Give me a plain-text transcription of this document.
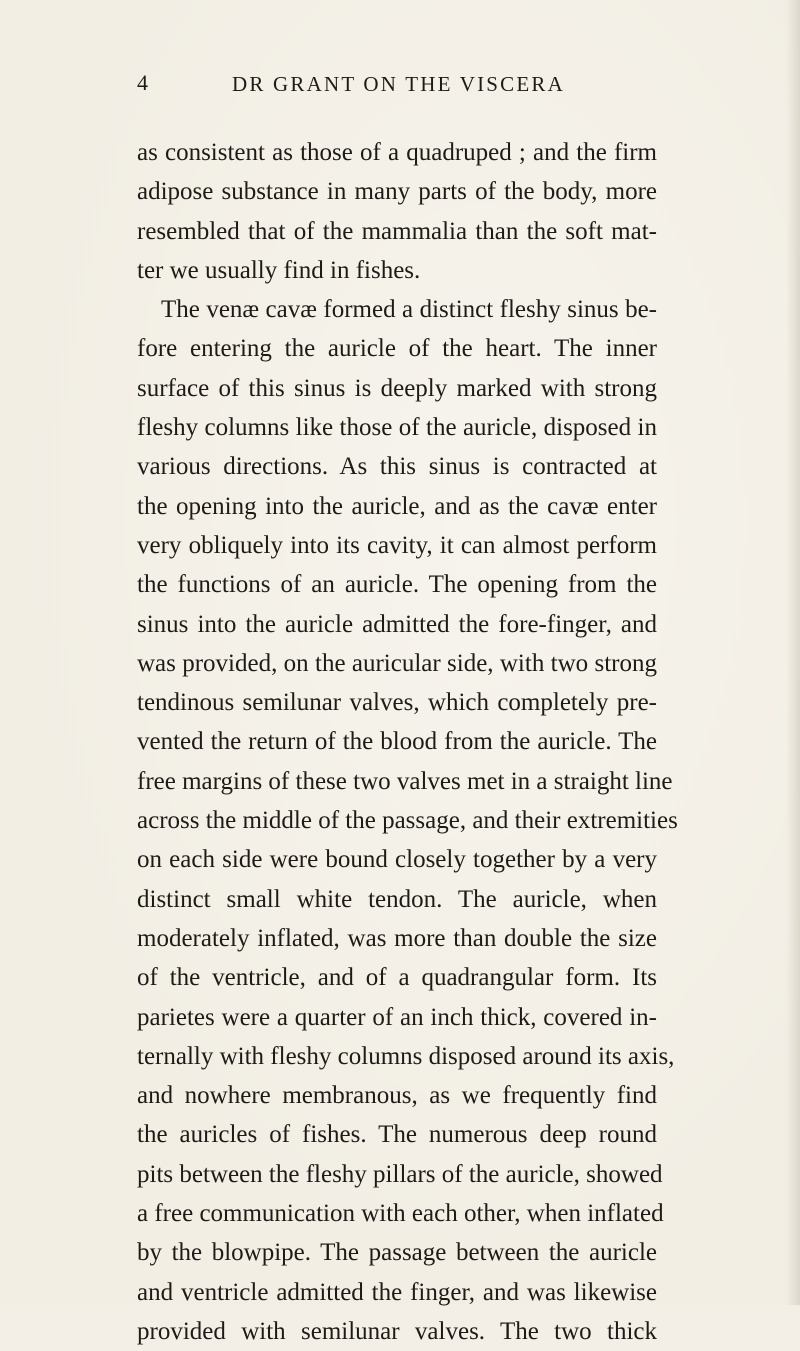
4	DR GRANT ON THE VISCERA
as consistent as those of a quadruped ; and the firm
adipose substance in many parts of the body, more
resembled that of the mammalia than the soft mat-
ter we usually find in fishes.
The venæ cavæ formed a distinct fleshy sinus be-
fore entering the auricle of the heart. The inner
surface of this sinus is deeply marked with strong
fleshy columns like those of the auricle, disposed in
various directions. As this sinus is contracted at
the opening into the auricle, and as the cavæ enter
very obliquely into its cavity, it can almost perform
the functions of an auricle. The opening from the
sinus into the auricle admitted the fore-finger, and
was provided, on the auricular side, with two strong
tendinous semilunar valves, which completely pre-
vented the return of the blood from the auricle. The
free margins of these two valves met in a straight line
across the middle of the passage, and their extremities
on each side were bound closely together by a very
distinct small white tendon. The auricle, when
moderately inflated, was more than double the size
of the ventricle, and of a quadrangular form. Its
parietes were a quarter of an inch thick, covered in-
ternally with fleshy columns disposed around its axis,
and nowhere membranous, as we frequently find
the auricles of fishes. The numerous deep round
pits between the fleshy pillars of the auricle, showed
a free communication with each other, when inflated
by the blowpipe. The passage between the auricle
and ventricle admitted the finger, and was likewise
provided with semilunar valves. The two thick
